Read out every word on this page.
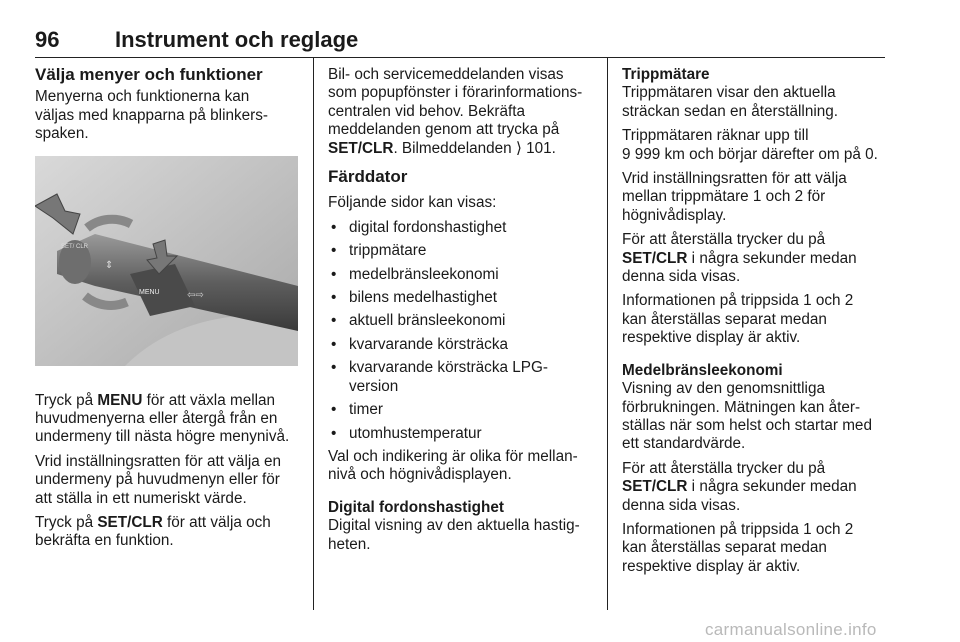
96	Instrument och reglage
Välja menyer och funktioner

Menyerna och funktionerna kan
väljas med knapparna på blinkers-
spaken.

MENU
SET/ CLR
⇕
⇦⇨

Tryck på MENU för att växla mellan
huvudmenyerna eller återgå från en
undermeny till nästa högre menynivå.

Vrid inställningsratten för att välja en
undermeny på huvudmenyn eller för
att ställa in ett numeriskt värde.

Tryck på SET/CLR för att välja och
bekräfta en funktion.

Bil- och servicemeddelanden visas
som popupfönster i förarinformations-
centralen vid behov. Bekräfta
meddelanden genom att trycka på
SET/CLR. Bilmeddelanden ⟩ 101.

Färddator

Följande sidor kan visas:

• digital fordonshastighet
• trippmätare
• medelbränsleekonomi
• bilens medelhastighet
• aktuell bränsleekonomi
• kvarvarande körsträcka
• kvarvarande körsträcka LPG-
version
• timer
• utomhustemperatur

Val och indikering är olika för mellan-
nivå och högnivådisplayen.

Digital fordonshastighet

Digital visning av den aktuella hastig-
heten.

Trippmätare

Trippmätaren visar den aktuella
sträckan sedan en återställning.

Trippmätaren räknar upp till
9 999 km och börjar därefter om på 0.

Vrid inställningsratten för att välja
mellan trippmätare 1 och 2 för
högnivådisplay.

För att återställa trycker du på
SET/CLR i några sekunder medan
denna sida visas.

Informationen på trippsida 1 och 2
kan återställas separat medan
respektive display är aktiv.

Medelbränsleekonomi

Visning av den genomsnittliga
förbrukningen. Mätningen kan åter-
ställas när som helst och startar med
ett standardvärde.

För att återställa trycker du på
SET/CLR i några sekunder medan
denna sida visas.

Informationen på trippsida 1 och 2
kan återställas separat medan
respektive display är aktiv.

carmanualsonline.info
